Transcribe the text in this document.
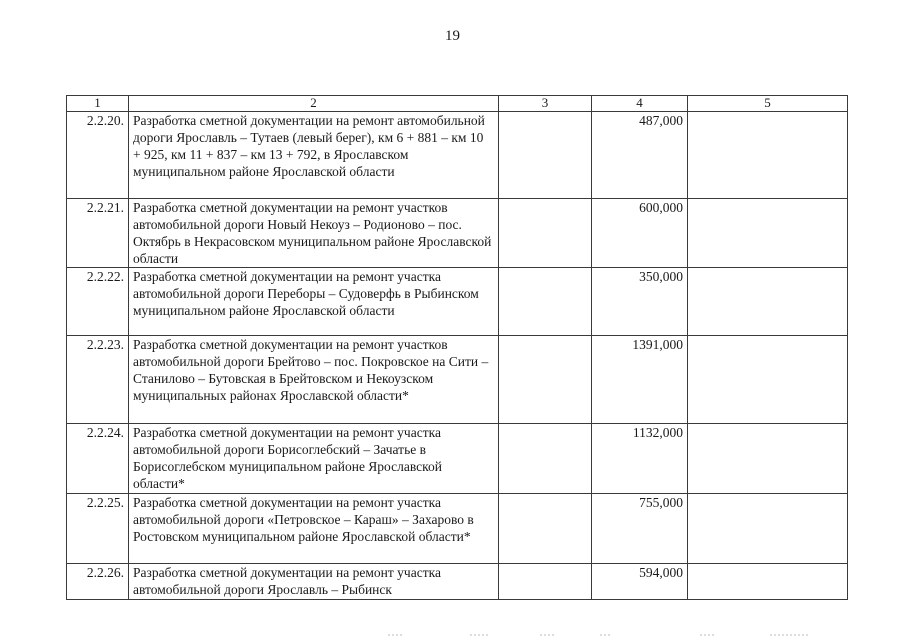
19
1	2	3	4	5
2.2.20.	Разработка сметной документации на ремонт автомобильной дороги Ярославль – Тутаев (левый берег), км 6 + 881 – км 10 + 925, км 11 + 837 – км 13 + 792, в Ярославском муниципальном районе Ярославской области		487,000	
2.2.21.	Разработка сметной документации на ремонт участков автомобильной дороги Новый Некоуз – Родионово – пос. Октябрь в Некрасовском муниципальном районе Ярославской области		600,000	
2.2.22.	Разработка сметной документации на ремонт участка автомобильной дороги Переборы – Судоверфь в Рыбинском муниципальном районе Ярославской области		350,000	
2.2.23.	Разработка сметной документации на ремонт участков автомобильной дороги Брейтово – пос. Покровское на Сити – Станилово – Бутовская в Брейтовском и Некоузском муниципальных районах Ярославской области*		1391,000	
2.2.24.	Разработка сметной документации на ремонт участка автомобильной дороги Борисоглебский – Зачатье в Борисоглебском муниципальном районе Ярославской области*		1132,000	
2.2.25.	Разработка сметной документации на ремонт участка автомобильной дороги «Петровское – Караш» – Захарово в Ростовском муниципальном районе Ярославской области*		755,000	
2.2.26.	Разработка сметной документации на ремонт участка автомобильной дороги Ярославль – Рыбинск		594,000	
